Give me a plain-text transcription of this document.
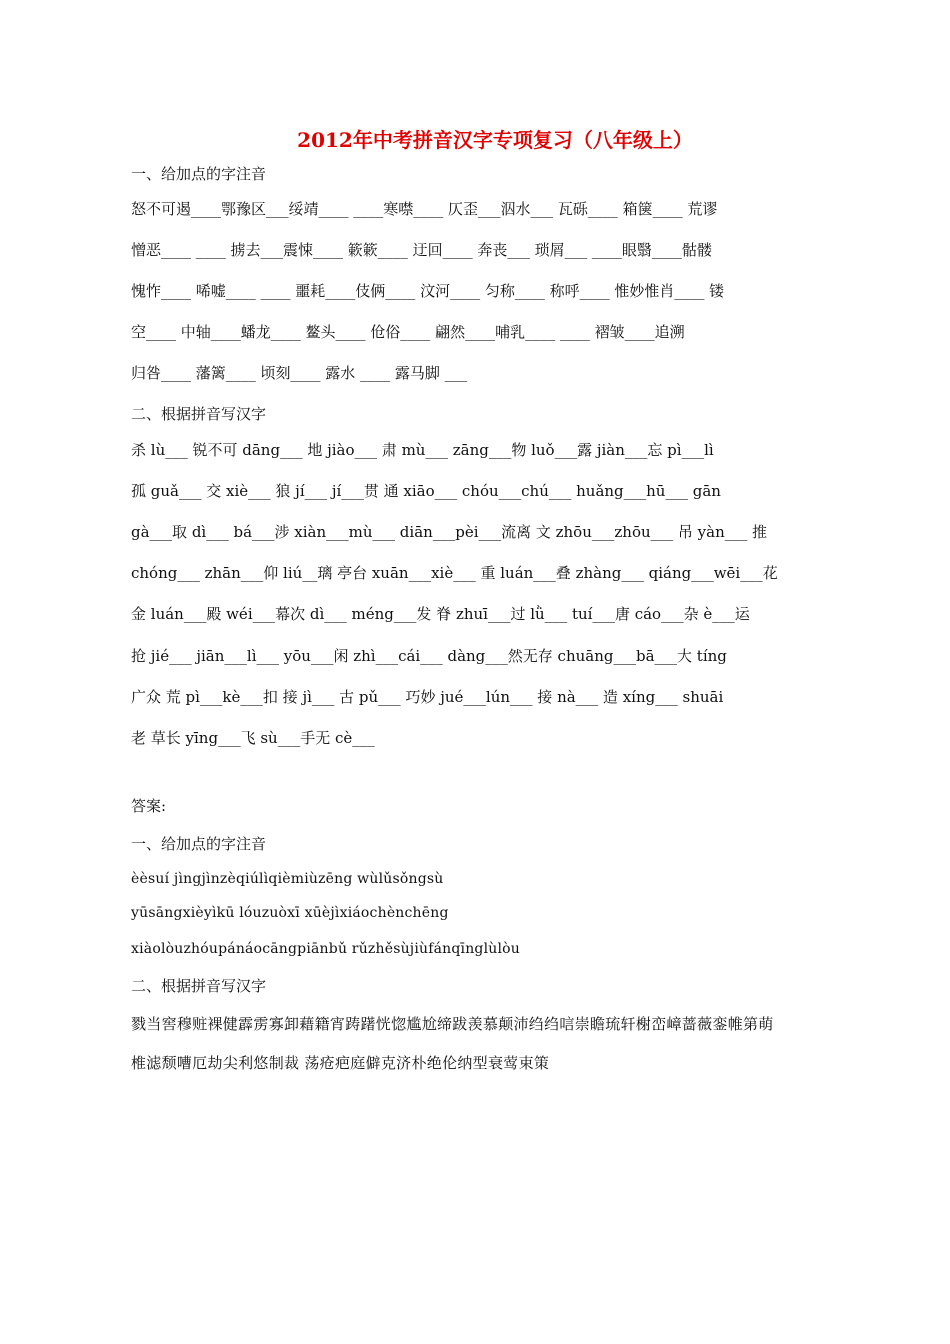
2012年中考拼音汉字专项复习（八年级上）
一、给加点的字注音
怒不可遏____鄂豫区___绥靖____ ____寒噤____ 仄歪___泅水___ 瓦砾____ 箱箧____ 荒谬
憎恶____ ____ 掳去___震悚____ 簌簌____ 迂回____ 奔丧___ 琐屑___ ____眼翳____骷髅
愧怍____ 唏嘘____ ____ 噩耗____伎俩____ 汶河____ 匀称____ 称呼____ 惟妙惟肖____ 镂
空____ 中轴____蟠龙____ 鳌头____ 伧俗____ 翩然____哺乳____ ____ 褶皱____追溯
归咎____ 藩篱____ 顷刻____ 露水 ____ 露马脚 ___
二、根据拼音写汉字
杀 lù___ 锐不可 dāng___ 地 jiào___ 肃 mù___ zāng___物 luǒ___露 jiàn___忘 pì___lì
孤 guǎ___ 交 xiè___ 狼 jí___ jí___贯 通 xiāo___ chóu___chú___ huǎng___hū___ gān
gà___取 dì___ bá___涉 xiàn___mù___ diān___pèi___流离 文 zhōu___zhōu___ 吊 yàn___ 推
chóng___ zhān___仰 liú__璃 亭台 xuān___xiè___ 重 luán___叠 zhàng___ qiáng___wēi___花
金 luán___殿 wéi___幕次 dì___ méng___发 脊 zhuī___过 lǜ___ tuí___唐 cáo___杂 è___运
抢 jié___ jiān___lì___ yōu___闲 zhì___cái___ dàng___然无存 chuāng___bā___大 tíng
广众 荒 pì___kè___扣 接 jì___ 古 pǔ___ 巧妙 jué___lún___ 接 nà___ 造 xíng___ shuāi
老 草长 yīng___飞 sù___手无 cè___
答案:
一、给加点的字注音
èèsuí jìngjìnzèqiúlìqièmiùzēng wùlǔsǒngsù
yūsāngxièyìkū lóuzuòxī xūèjìxiáochènchēng
xiàolòuzhóupánáocāngpiānbǔ rǔzhěsùjiùfánqīnglùlòu
二、根据拼音写汉字
戮当窖穆赃裸健霹雳寡卸藉籍宵踌躇恍惚尴尬缔跋羡慕颠沛绉绉唁崇瞻琉轩榭峦嶂蔷薇銮帷第萌
椎滤颓嘈厄劫尖利悠制裁 荡疮疤庭僻克济朴绝伦纳型衰莺束策
